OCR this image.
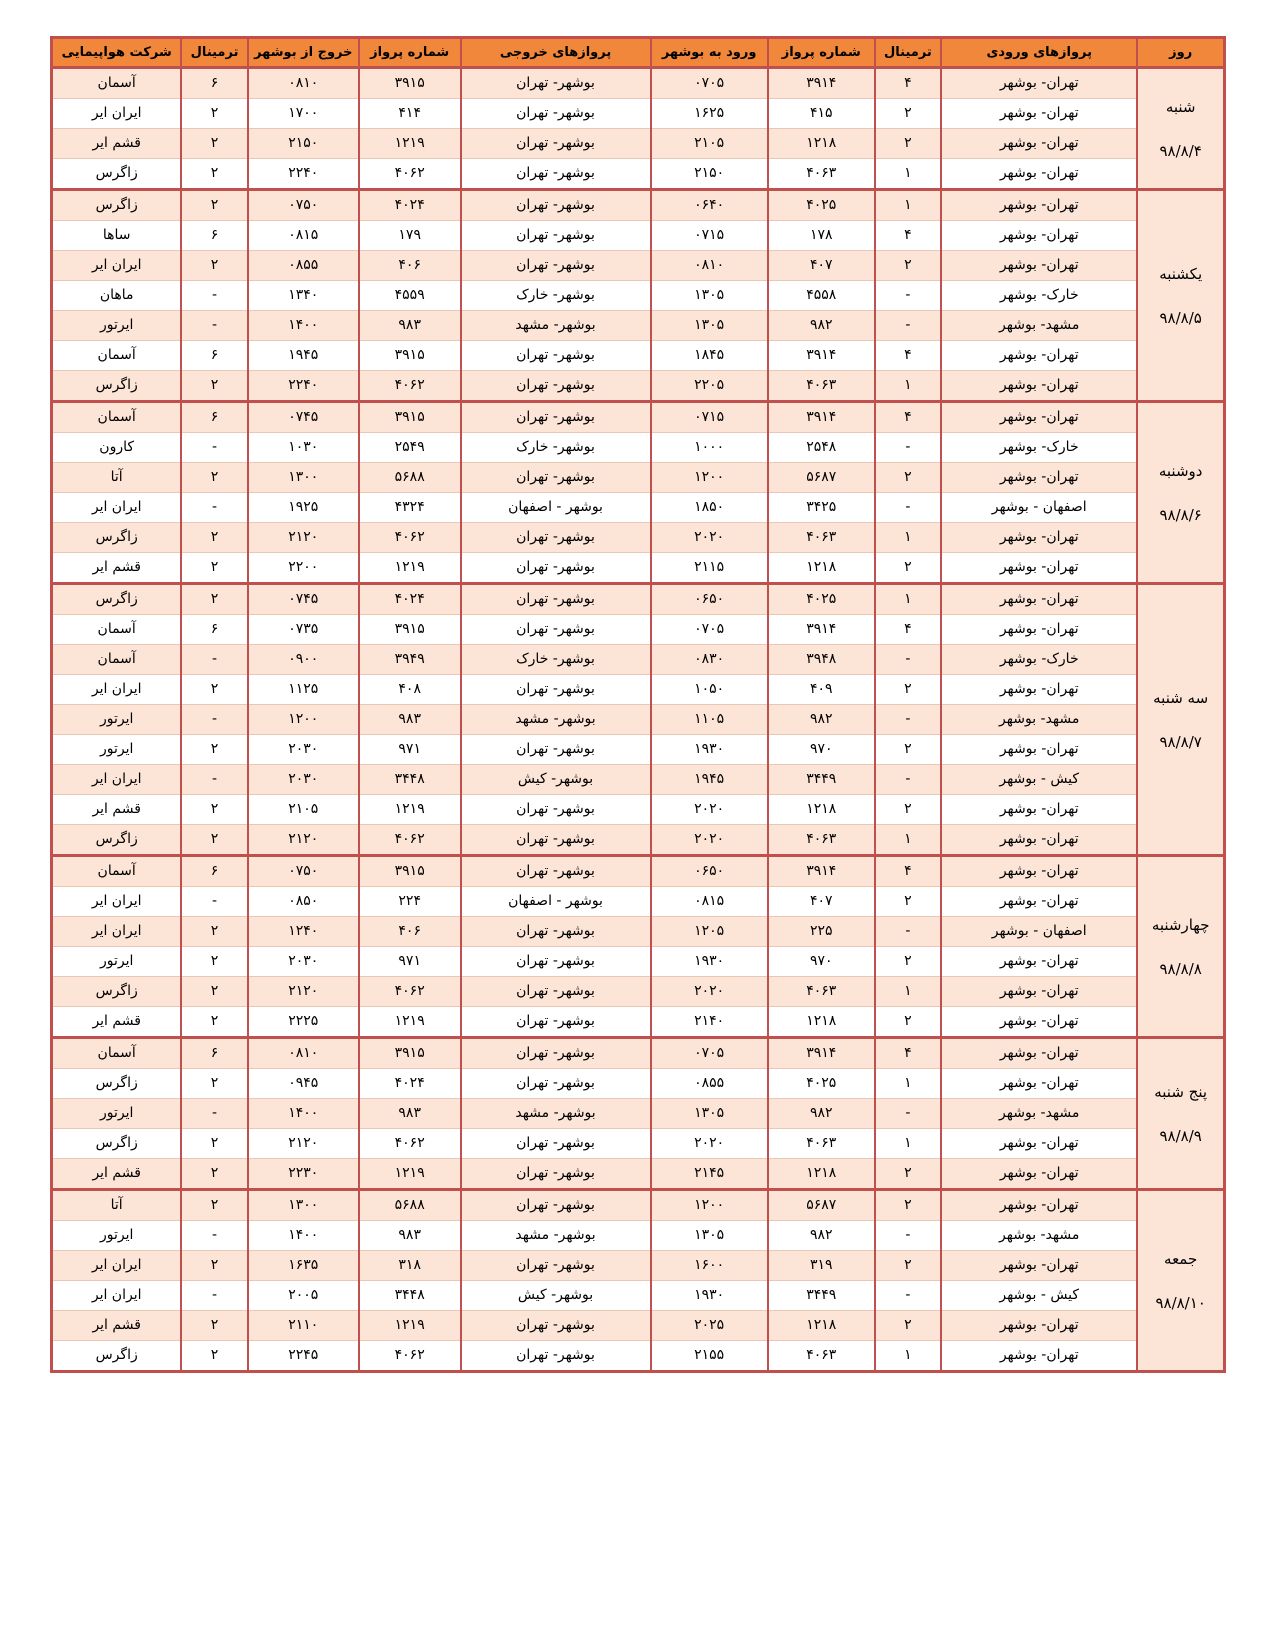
روز	پروازهای ورودی	ترمینال	شماره پرواز	ورود به بوشهر	پروازهای خروجی	شماره پرواز	خروج از بوشهر	ترمینال	شرکت هواپیمایی

شنبه
۹۸/۸/۴	تهران- بوشهر	۴	۳۹۱۴	۰۷۰۵	بوشهر- تهران	۳۹۱۵	۰۸۱۰	۶	آسمان
	تهران- بوشهر	۲	۴۱۵	۱۶۲۵	بوشهر- تهران	۴۱۴	۱۷۰۰	۲	ایران ایر
	تهران- بوشهر	۲	۱۲۱۸	۲۱۰۵	بوشهر- تهران	۱۲۱۹	۲۱۵۰	۲	قشم ایر
	تهران- بوشهر	۱	۴۰۶۳	۲۱۵۰	بوشهر- تهران	۴۰۶۲	۲۲۴۰	۲	زاگرس

یکشنبه
۹۸/۸/۵	تهران- بوشهر	۱	۴۰۲۵	۰۶۴۰	بوشهر- تهران	۴۰۲۴	۰۷۵۰	۲	زاگرس
	تهران- بوشهر	۴	۱۷۸	۰۷۱۵	بوشهر- تهران	۱۷۹	۰۸۱۵	۶	ساها
	تهران- بوشهر	۲	۴۰۷	۰۸۱۰	بوشهر- تهران	۴۰۶	۰۸۵۵	۲	ایران ایر
	خارک- بوشهر	-	۴۵۵۸	۱۳۰۵	بوشهر- خارک	۴۵۵۹	۱۳۴۰	-	ماهان
	مشهد- بوشهر	-	۹۸۲	۱۳۰۵	بوشهر- مشهد	۹۸۳	۱۴۰۰	-	ایرتور
	تهران- بوشهر	۴	۳۹۱۴	۱۸۴۵	بوشهر- تهران	۳۹۱۵	۱۹۴۵	۶	آسمان
	تهران- بوشهر	۱	۴۰۶۳	۲۲۰۵	بوشهر- تهران	۴۰۶۲	۲۲۴۰	۲	زاگرس

دوشنبه
۹۸/۸/۶	تهران- بوشهر	۴	۳۹۱۴	۰۷۱۵	بوشهر- تهران	۳۹۱۵	۰۷۴۵	۶	آسمان
	خارک- بوشهر	-	۲۵۴۸	۱۰۰۰	بوشهر- خارک	۲۵۴۹	۱۰۳۰	-	کارون
	تهران- بوشهر	۲	۵۶۸۷	۱۲۰۰	بوشهر- تهران	۵۶۸۸	۱۳۰۰	۲	آتا
	اصفهان - بوشهر	-	۳۴۲۵	۱۸۵۰	بوشهر - اصفهان	۴۳۲۴	۱۹۲۵	-	ایران ایر
	تهران- بوشهر	۱	۴۰۶۳	۲۰۲۰	بوشهر- تهران	۴۰۶۲	۲۱۲۰	۲	زاگرس
	تهران- بوشهر	۲	۱۲۱۸	۲۱۱۵	بوشهر- تهران	۱۲۱۹	۲۲۰۰	۲	قشم ایر

سه شنبه
۹۸/۸/۷	تهران- بوشهر	۱	۴۰۲۵	۰۶۵۰	بوشهر- تهران	۴۰۲۴	۰۷۴۵	۲	زاگرس
	تهران- بوشهر	۴	۳۹۱۴	۰۷۰۵	بوشهر- تهران	۳۹۱۵	۰۷۳۵	۶	آسمان
	خارک- بوشهر	-	۳۹۴۸	۰۸۳۰	بوشهر- خارک	۳۹۴۹	۰۹۰۰	-	آسمان
	تهران- بوشهر	۲	۴۰۹	۱۰۵۰	بوشهر- تهران	۴۰۸	۱۱۲۵	۲	ایران ایر
	مشهد- بوشهر	-	۹۸۲	۱۱۰۵	بوشهر- مشهد	۹۸۳	۱۲۰۰	-	ایرتور
	تهران- بوشهر	۲	۹۷۰	۱۹۳۰	بوشهر- تهران	۹۷۱	۲۰۳۰	۲	ایرتور
	کیش - بوشهر	-	۳۴۴۹	۱۹۴۵	بوشهر- کیش	۳۴۴۸	۲۰۳۰	-	ایران ایر
	تهران- بوشهر	۲	۱۲۱۸	۲۰۲۰	بوشهر- تهران	۱۲۱۹	۲۱۰۵	۲	قشم ایر
	تهران- بوشهر	۱	۴۰۶۳	۲۰۲۰	بوشهر- تهران	۴۰۶۲	۲۱۲۰	۲	زاگرس

چهارشنبه
۹۸/۸/۸	تهران- بوشهر	۴	۳۹۱۴	۰۶۵۰	بوشهر- تهران	۳۹۱۵	۰۷۵۰	۶	آسمان
	تهران- بوشهر	۲	۴۰۷	۰۸۱۵	بوشهر - اصفهان	۲۲۴	۰۸۵۰	-	ایران ایر
	اصفهان - بوشهر	-	۲۲۵	۱۲۰۵	بوشهر- تهران	۴۰۶	۱۲۴۰	۲	ایران ایر
	تهران- بوشهر	۲	۹۷۰	۱۹۳۰	بوشهر- تهران	۹۷۱	۲۰۳۰	۲	ایرتور
	تهران- بوشهر	۱	۴۰۶۳	۲۰۲۰	بوشهر- تهران	۴۰۶۲	۲۱۲۰	۲	زاگرس
	تهران- بوشهر	۲	۱۲۱۸	۲۱۴۰	بوشهر- تهران	۱۲۱۹	۲۲۲۵	۲	قشم ایر

پنج شنبه
۹۸/۸/۹	تهران- بوشهر	۴	۳۹۱۴	۰۷۰۵	بوشهر- تهران	۳۹۱۵	۰۸۱۰	۶	آسمان
	تهران- بوشهر	۱	۴۰۲۵	۰۸۵۵	بوشهر- تهران	۴۰۲۴	۰۹۴۵	۲	زاگرس
	مشهد- بوشهر	-	۹۸۲	۱۳۰۵	بوشهر- مشهد	۹۸۳	۱۴۰۰	-	ایرتور
	تهران- بوشهر	۱	۴۰۶۳	۲۰۲۰	بوشهر- تهران	۴۰۶۲	۲۱۲۰	۲	زاگرس
	تهران- بوشهر	۲	۱۲۱۸	۲۱۴۵	بوشهر- تهران	۱۲۱۹	۲۲۳۰	۲	قشم ایر

جمعه
۹۸/۸/۱۰	تهران- بوشهر	۲	۵۶۸۷	۱۲۰۰	بوشهر- تهران	۵۶۸۸	۱۳۰۰	۲	آتا
	مشهد- بوشهر	-	۹۸۲	۱۳۰۵	بوشهر- مشهد	۹۸۳	۱۴۰۰	-	ایرتور
	تهران- بوشهر	۲	۳۱۹	۱۶۰۰	بوشهر- تهران	۳۱۸	۱۶۳۵	۲	ایران ایر
	کیش - بوشهر	-	۳۴۴۹	۱۹۳۰	بوشهر- کیش	۳۴۴۸	۲۰۰۵	-	ایران ایر
	تهران- بوشهر	۲	۱۲۱۸	۲۰۲۵	بوشهر- تهران	۱۲۱۹	۲۱۱۰	۲	قشم ایر
	تهران- بوشهر	۱	۴۰۶۳	۲۱۵۵	بوشهر- تهران	۴۰۶۲	۲۲۴۵	۲	زاگرس
